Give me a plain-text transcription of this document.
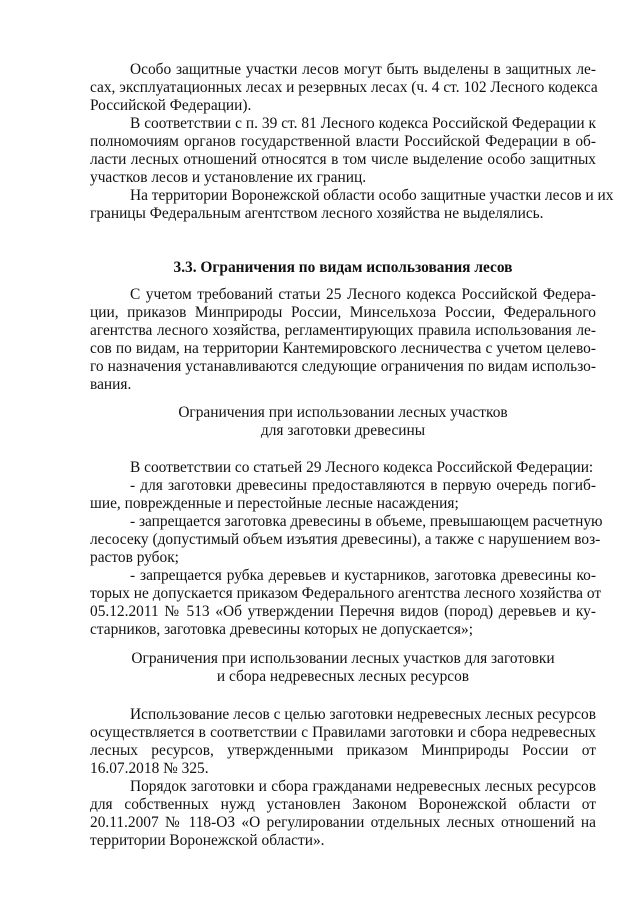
Особо защитные участки лесов могут быть выделены в защитных ле-
сах, эксплуатационных лесах и резервных лесах (ч. 4 ст. 102 Лесного кодекса
Российской Федерации).
В соответствии с п. 39 ст. 81 Лесного кодекса Российской Федерации к
полномочиям органов государственной власти Российской Федерации в об-
ласти лесных отношений относятся в том числе выделение особо защитных
участков лесов и установление их границ.
На территории Воронежской области особо защитные участки лесов и их
границы Федеральным агентством лесного хозяйства не выделялись.
3.3. Ограничения по видам использования лесов
С учетом требований статьи 25 Лесного кодекса Российской Федера-
ции, приказов Минприроды России, Минсельхоза России, Федерального
агентства лесного хозяйства, регламентирующих правила использования ле-
сов по видам, на территории Кантемировского лесничества с учетом целево-
го назначения устанавливаются следующие ограничения по видам использо-
вания.
Ограничения при использовании лесных участков
для заготовки древесины
В соответствии со статьей 29 Лесного кодекса Российской Федерации:
- для заготовки древесины предоставляются в первую очередь погиб-
шие, поврежденные и перестойные лесные насаждения;
- запрещается заготовка древесины в объеме, превышающем расчетную
лесосеку (допустимый объем изъятия древесины), а также с нарушением воз-
растов рубок;
- запрещается рубка деревьев и кустарников, заготовка древесины ко-
торых не допускается приказом Федерального агентства лесного хозяйства от
05.12.2011 № 513 «Об утверждении Перечня видов (пород) деревьев и ку-
старников, заготовка древесины которых не допускается»;
Ограничения при использовании лесных участков для заготовки
и сбора недревесных лесных ресурсов
Использование лесов с целью заготовки недревесных лесных ресурсов
осуществляется в соответствии с Правилами заготовки и сбора недревесных
лесных ресурсов, утвержденными приказом Минприроды России от
16.07.2018 № 325.
Порядок заготовки и сбора гражданами недревесных лесных ресурсов
для собственных нужд установлен Законом Воронежской области от
20.11.2007 № 118-ОЗ «О регулировании отдельных лесных отношений на
территории Воронежской области».
